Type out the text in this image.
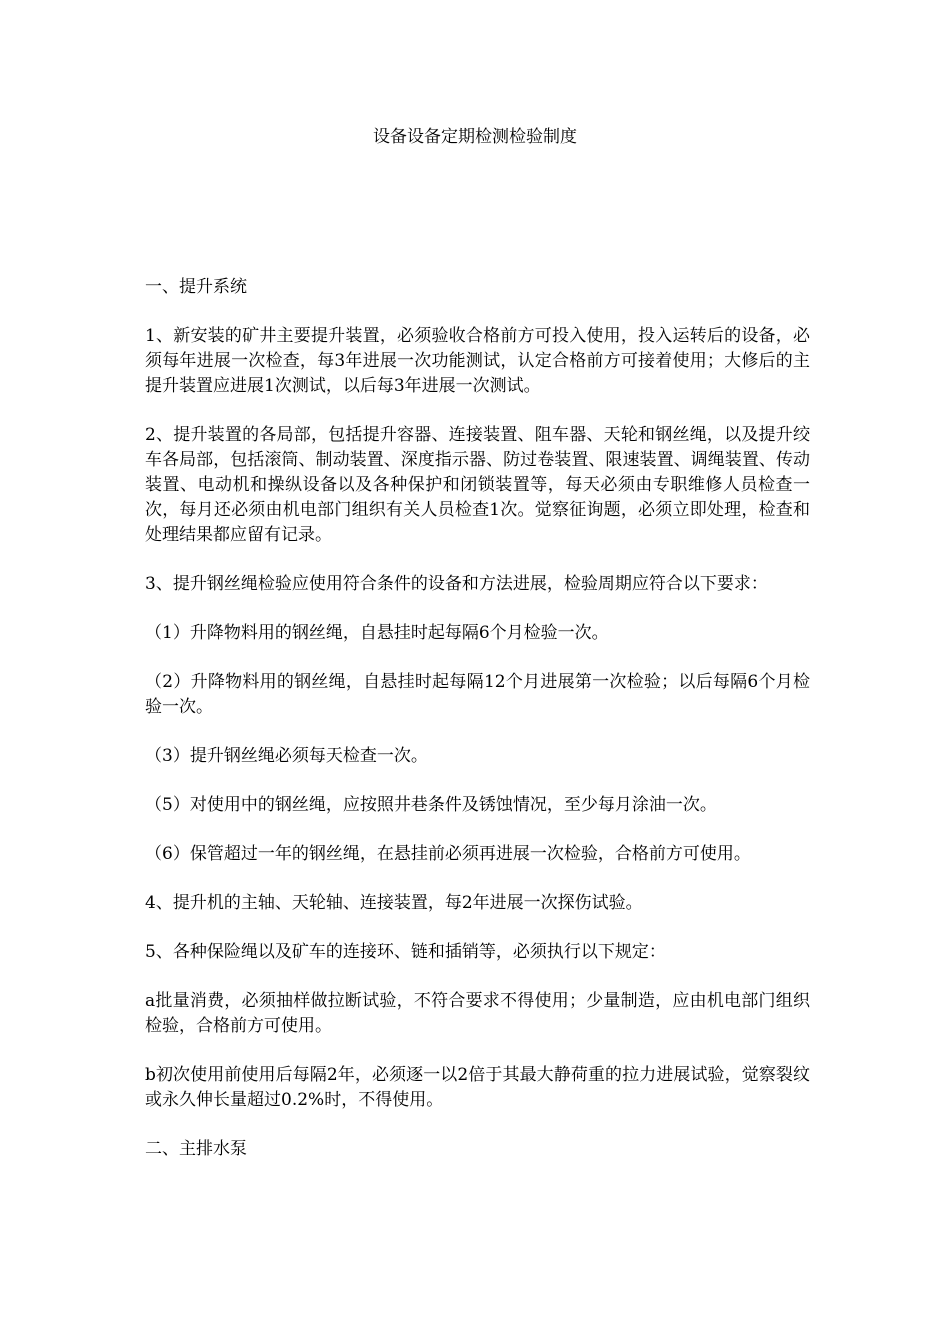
设备设备定期检测检验制度

一、提升系统

1、新安装的矿井主要提升装置，必须验收合格前方可投入使用，投入运转后的设备，必须每年进展一次检查，每3年进展一次功能测试，认定合格前方可接着使用；大修后的主提升装置应进展1次测试，以后每3年进展一次测试。

2、提升装置的各局部，包括提升容器、连接装置、阻车器、天轮和钢丝绳，以及提升绞车各局部，包括滚筒、制动装置、深度指示器、防过卷装置、限速装置、调绳装置、传动装置、电动机和操纵设备以及各种保护和闭锁装置等，每天必须由专职维修人员检查一次，每月还必须由机电部门组织有关人员检查1次。觉察征询题，必须立即处理，检查和处理结果都应留有记录。

3、提升钢丝绳检验应使用符合条件的设备和方法进展，检验周期应符合以下要求：

（1）升降物料用的钢丝绳，自悬挂时起每隔6个月检验一次。

（2）升降物料用的钢丝绳，自悬挂时起每隔12个月进展第一次检验；以后每隔6个月检验一次。

（3）提升钢丝绳必须每天检查一次。

（5）对使用中的钢丝绳，应按照井巷条件及锈蚀情况，至少每月涂油一次。

（6）保管超过一年的钢丝绳，在悬挂前必须再进展一次检验，合格前方可使用。

4、提升机的主轴、天轮轴、连接装置，每2年进展一次探伤试验。

5、各种保险绳以及矿车的连接环、链和插销等，必须执行以下规定：

a批量消费，必须抽样做拉断试验，不符合要求不得使用；少量制造，应由机电部门组织检验，合格前方可使用。

b初次使用前使用后每隔2年，必须逐一以2倍于其最大静荷重的拉力进展试验，觉察裂纹或永久伸长量超过0.2%时，不得使用。

二、主排水泵
